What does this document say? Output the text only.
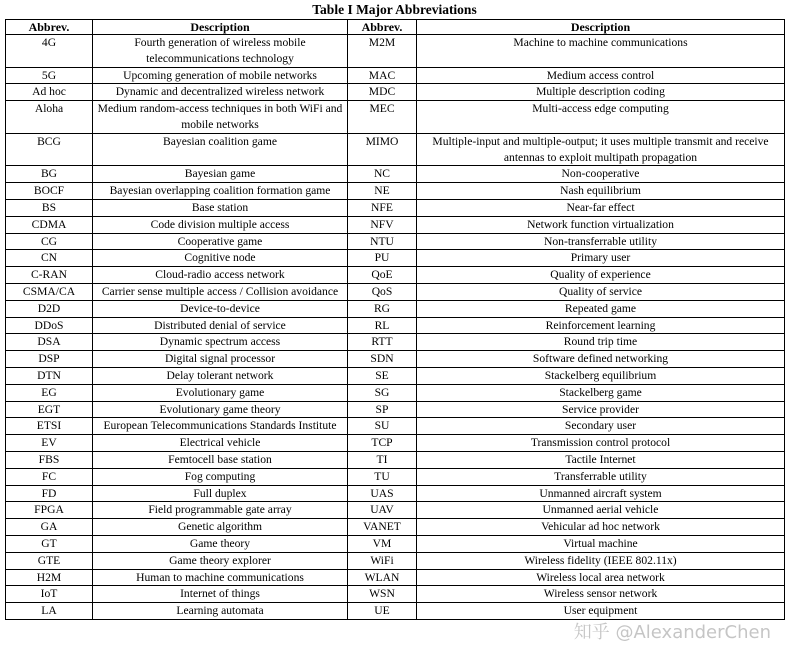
Table I Major Abbreviations
Abbrev.	Description	Abbrev.	Description
4G	Fourth generation of wireless mobile telecommunications technology	M2M	Machine to machine communications
5G	Upcoming generation of mobile networks	MAC	Medium access control
Ad hoc	Dynamic and decentralized wireless network	MDC	Multiple description coding
Aloha	Medium random-access techniques in both WiFi and mobile networks	MEC	Multi-access edge computing
BCG	Bayesian coalition game	MIMO	Multiple-input and multiple-output; it uses multiple transmit and receive antennas to exploit multipath propagation
BG	Bayesian game	NC	Non-cooperative
BOCF	Bayesian overlapping coalition formation game	NE	Nash equilibrium
BS	Base station	NFE	Near-far effect
CDMA	Code division multiple access	NFV	Network function virtualization
CG	Cooperative game	NTU	Non-transferrable utility
CN	Cognitive node	PU	Primary user
C-RAN	Cloud-radio access network	QoE	Quality of experience
CSMA/CA	Carrier sense multiple access / Collision avoidance	QoS	Quality of service
D2D	Device-to-device	RG	Repeated game
DDoS	Distributed denial of service	RL	Reinforcement learning
DSA	Dynamic spectrum access	RTT	Round trip time
DSP	Digital signal processor	SDN	Software defined networking
DTN	Delay tolerant network	SE	Stackelberg equilibrium
EG	Evolutionary game	SG	Stackelberg game
EGT	Evolutionary game theory	SP	Service provider
ETSI	European Telecommunications Standards Institute	SU	Secondary user
EV	Electrical vehicle	TCP	Transmission control protocol
FBS	Femtocell base station	TI	Tactile Internet
FC	Fog computing	TU	Transferrable utility
FD	Full duplex	UAS	Unmanned aircraft system
FPGA	Field programmable gate array	UAV	Unmanned aerial vehicle
GA	Genetic algorithm	VANET	Vehicular ad hoc network
GT	Game theory	VM	Virtual machine
GTE	Game theory explorer	WiFi	Wireless fidelity (IEEE 802.11x)
H2M	Human to machine communications	WLAN	Wireless local area network
IoT	Internet of things	WSN	Wireless sensor network
LA	Learning automata	UE	User equipment
知乎 @AlexanderChen
